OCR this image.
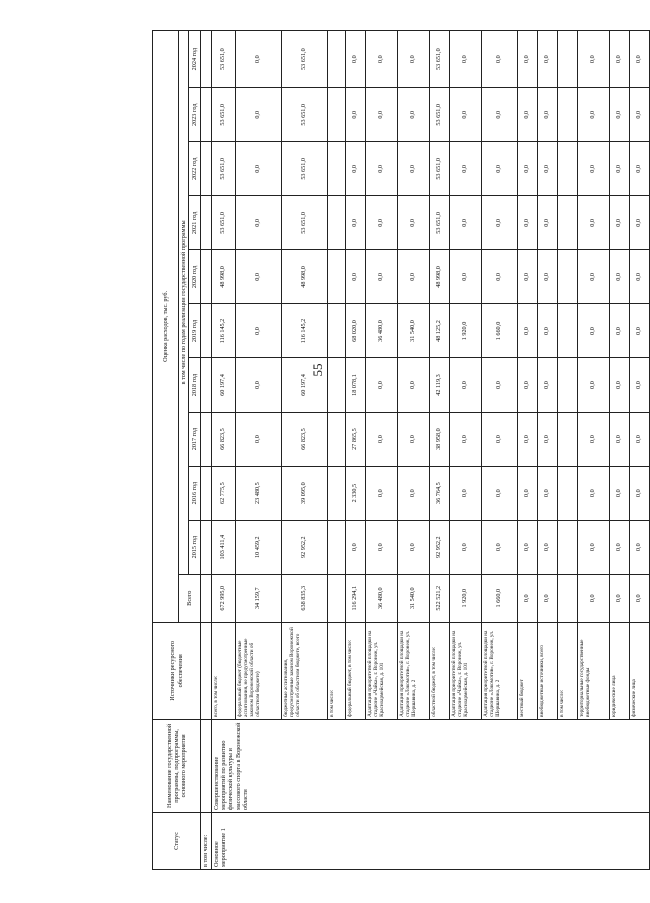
55
Статус	Наименование государственной программы, подпрограммы, основного мероприятия	Источники ресурсного обеспечения	Оценка расходов, тыс. руб.										
			Всего	в том числе по годам реализации государственной программы									
				2015 год	2016 год	2017 год	2018 год	2019 год	2020 год	2021 год	2022 год	2023 год	2024 год
в том числе:													
Основное мероприятие 1	Совершенствование мероприятий по развитию физической культуры и массового спорта в Воронежской области	всего, в том числе:	672 995,0	103 411,4	62 775,5	66 823,5	60 197,4	116 145,2	48 998,0	53 651,0	53 651,0	53 651,0	53 651,0
		федеральный бюджет (бюджетные ассигнования, не предусмотренные законом Воронежской области об областном бюджете)	34 159,7	10 459,2	23 480,5	0,0	0,0	0,0	0,0	0,0	0,0	0,0	0,0
		бюджетные ассигнования, предусмотренные законом Воронежской области об областном бюджете, всего	638 835,3	92 952,2	39 095,0	66 823,5	60 197,4	116 145,2	48 998,0	53 651,0	53 651,0	53 651,0	53 651,0
		в том числе:											
		федеральный бюджет, в том числе:	116 294,1	0,0	2 330,5	27 865,5	18 078,1	68 020,0	0,0	0,0	0,0	0,0	0,0
		Адаптация приоритетной площадки на стадионе «Чайка», г. Воронеж, ул. Красноармейская, д. 101	36 480,0	0,0	0,0	0,0	0,0	36 480,0	0,0	0,0	0,0	0,0	0,0
		Адаптация приоритетной площадки на стадионе «Локомотив», г. Воронеж, ул. Шершавина, д. 2	31 540,0	0,0	0,0	0,0	0,0	31 540,0	0,0	0,0	0,0	0,0	0,0
		областной бюджет, в том числе:	522 521,2	92 952,2	36 764,5	38 958,0	42 119,3	48 125,2	48 998,0	53 651,0	53 651,0	53 651,0	53 651,0
		Адаптация приоритетной площадки на стадионе «Чайка», г. Воронеж, ул. Красноармейская, д. 101	1 920,0	0,0	0,0	0,0	0,0	1 920,0	0,0	0,0	0,0	0,0	0,0
		Адаптация приоритетной площадки на стадионе «Локомотив», г. Воронеж, ул. Шершавина, д. 2	1 660,0	0,0	0,0	0,0	0,0	1 660,0	0,0	0,0	0,0	0,0	0,0
		местный бюджет	0,0	0,0	0,0	0,0	0,0	0,0	0,0	0,0	0,0	0,0	0,0
		внебюджетные источники, всего	0,0	0,0	0,0	0,0	0,0	0,0	0,0	0,0	0,0	0,0	0,0
		в том числе:											
		территориальные государственные внебюджетные фонды	0,0	0,0	0,0	0,0	0,0	0,0	0,0	0,0	0,0	0,0	0,0
		юридические лица	0,0	0,0	0,0	0,0	0,0	0,0	0,0	0,0	0,0	0,0	0,0
		физические лица	0,0	0,0	0,0	0,0	0,0	0,0	0,0	0,0	0,0	0,0	0,0
